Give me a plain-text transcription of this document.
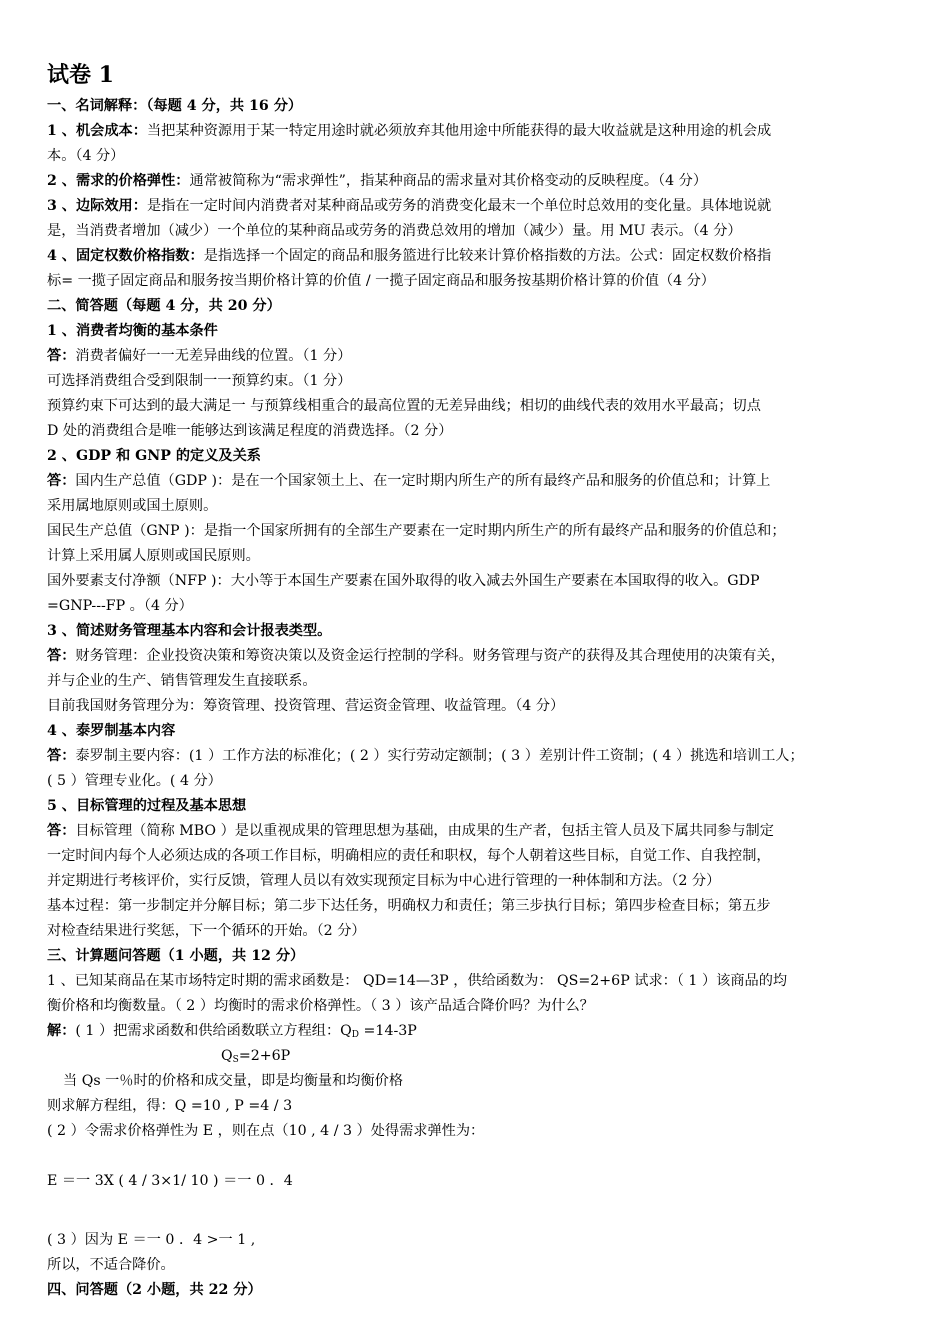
试卷 1
一、名词解释：（每题 4 分，共 16 分）
1 、机会成本：当把某种资源用于某一特定用途时就必须放弃其他用途中所能获得的最大收益就是这种用途的机会成
本。（4 分）
2 、需求的价格弹性：通常被简称为“需求弹性”，指某种商品的需求量对其价格变动的反映程度。（4 分）
3 、边际效用：是指在一定时间内消费者对某种商品或劳务的消费变化最末一个单位时总效用的变化量。具体地说就
是，当消费者增加（减少）一个单位的某种商品或劳务的消费总效用的增加（减少）量。用 MU 表示。（4 分）
4 、固定权数价格指数：是指选择一个固定的商品和服务篮进行比较来计算价格指数的方法。公式：固定权数价格指
标= 一揽子固定商品和服务按当期价格计算的价值 / 一揽子固定商品和服务按基期价格计算的价值（4 分）
二、简答题（每题 4 分，共 20 分）
1 、消费者均衡的基本条件
答：消费者偏好一一无差异曲线的位置。（1 分）
可选择消费组合受到限制一一预算约束。（1 分）
预算约束下可达到的最大满足一 与预算线相重合的最高位置的无差异曲线；相切的曲线代表的效用水平最高；切点
D 处的消费组合是唯一能够达到该满足程度的消费选择。（2 分）
2 、GDP 和 GNP 的定义及关系
答：国内生产总值（GDP )：是在一个国家领土上、在一定时期内所生产的所有最终产品和服务的价值总和；计算上
采用属地原则或国土原则。
国民生产总值（GNP )：是指一个国家所拥有的全部生产要素在一定时期内所生产的所有最终产品和服务的价值总和；
计算上采用属人原则或国民原则。
国外要素支付净额（NFP )：大小等于本国生产要素在国外取得的收入减去外国生产要素在本国取得的收入。GDP
=GNP---FP 。（4 分）
3 、简述财务管理基本内容和会计报表类型。
答：财务管理：企业投资决策和筹资决策以及资金运行控制的学科。财务管理与资产的获得及其合理使用的决策有关，
并与企业的生产、销售管理发生直接联系。
目前我国财务管理分为：筹资管理、投资管理、营运资金管理、收益管理。（4 分）
4 、泰罗制基本内容
答：泰罗制主要内容：(1 ）工作方法的标准化；( 2 ）实行劳动定额制；( 3 ）差别计件工资制；( 4 ）挑选和培训工人；
( 5 ）管理专业化。( 4 分）
5 、目标管理的过程及基本思想
答：目标管理（简称 MBO ）是以重视成果的管理思想为基础，由成果的生产者，包括主管人员及下属共同参与制定
一定时间内每个人必须达成的各项工作目标，明确相应的责任和职权，每个人朝着这些目标，自觉工作、自我控制，
并定期进行考核评价，实行反馈，管理人员以有效实现预定目标为中心进行管理的一种体制和方法。（2 分）
基本过程：第一步制定并分解目标；第二步下达任务，明确权力和责任；第三步执行目标；第四步检查目标；第五步
对检查结果进行奖惩，下一个循环的开始。（2 分）
三、计算题问答题（1 小题，共 12 分）
1 、已知某商品在某市场特定时期的需求函数是： QD=14—3P ，供给函数为： QS=2+6P 试求：（ 1 ）该商品的均
衡价格和均衡数量。（ 2 ）均衡时的需求价格弹性。（ 3 ）该产品适合降价吗？为什么？
解：( 1 ）把需求函数和供给函数联立方程组：$Q_D =14-3P$
$Q_S=2+6P$
当 Qs 一％时的价格和成交量，即是均衡量和均衡价格
则求解方程组，得：Q =10 , P =4 / 3
( 2 ）令需求价格弹性为 E ，则在点（10 , 4 / 3 ）处得需求弹性为：
E ＝一 3X ( 4 / 3×1/ 10 ) ＝一 0 ．4
( 3 ）因为 E ＝一 0 ．4 >一 1 ,
所以，不适合降价。
四、问答题（2 小题，共 22 分）
